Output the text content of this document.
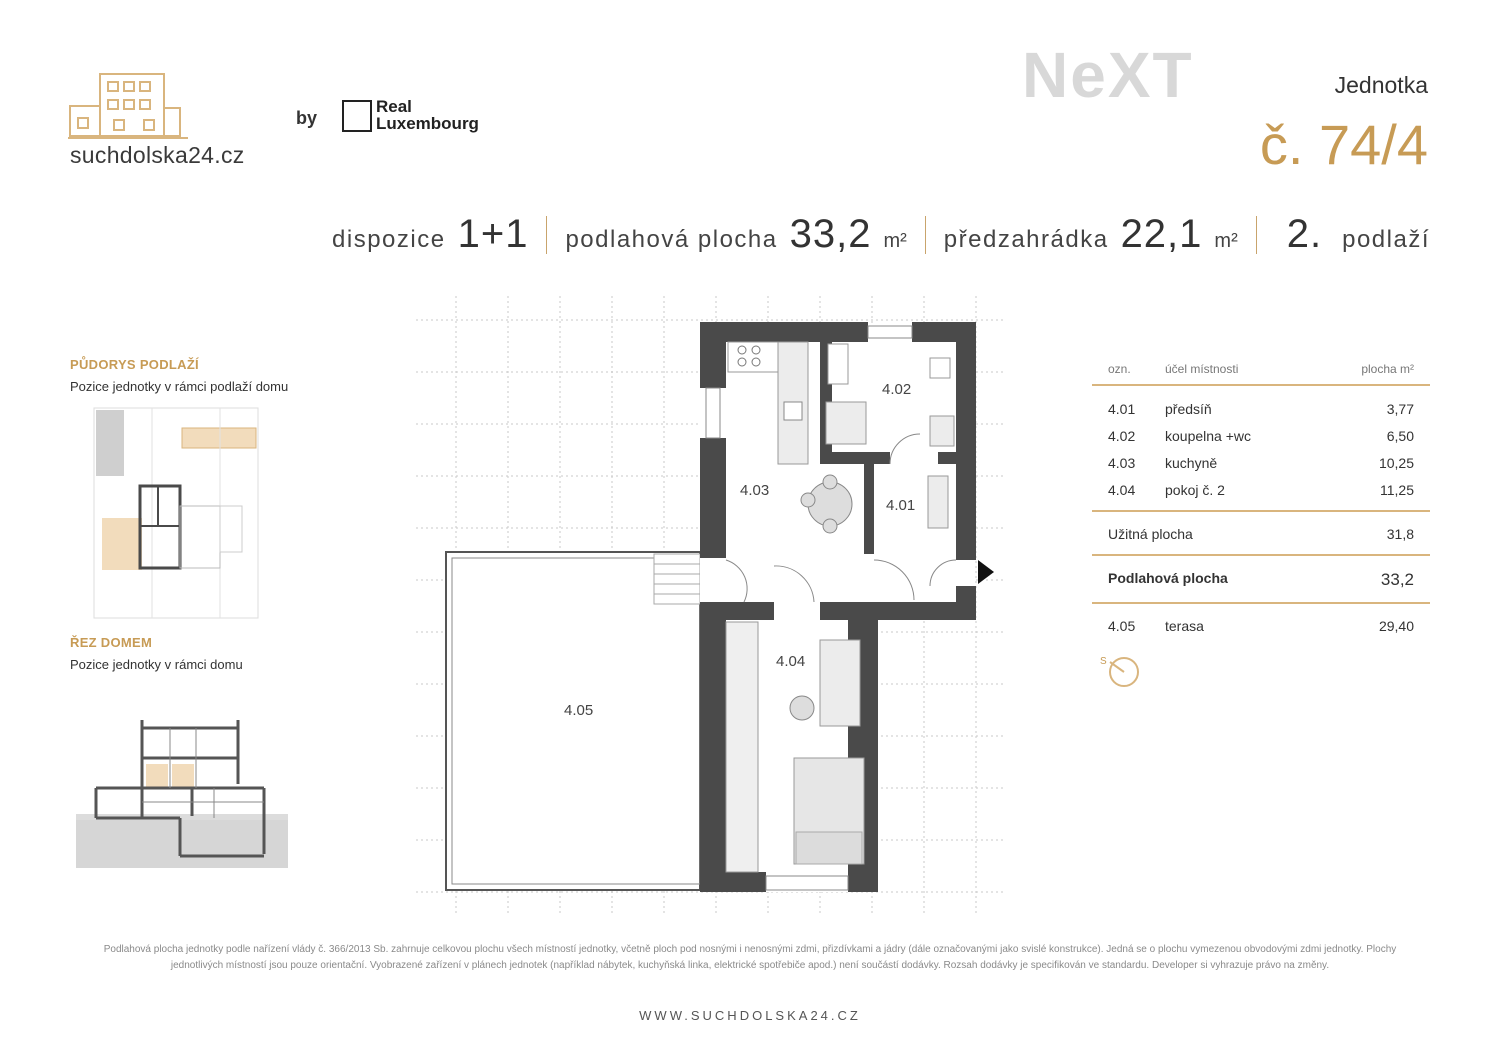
suchdolska24.cz
by
Real
Luxembourg
NeXT	Jednotka
č. 74/4
dispozice 1+1 podlahová plocha 33,2 m² předzahrádka 22,1 m² 2. podlaží
PŮDORYS PODLAŽÍ
Pozice jednotky v rámci podlaží domu
ŘEZ DOMEM
Pozice jednotky v rámci domu
4.02
4.03
4.01
4.04
4.05
ozn.	účel místnosti	plocha m²
4.01	předsíň	3,77
4.02	koupelna +wc	6,50
4.03	kuchyně	10,25
4.04	pokoj č. 2	11,25
Užitná plocha	31,8
Podlahová plocha	33,2
4.05	terasa	29,40
S
Podlahová plocha jednotky podle nařízení vlády č. 366/2013 Sb. zahrnuje celkovou plochu všech místností jednotky, včetně ploch pod nosnými i nenosnými zdmi, přizdívkami a jádry (dále označovanými jako svislé konstrukce). Jedná se o plochu vymezenou obvodovými zdmi jednotky. Plochy jednotlivých místností jsou pouze orientační. Vyobrazené zařízení v plánech jednotek (například nábytek, kuchyňská linka, elektrické spotřebiče apod.) není součástí dodávky. Rozsah dodávky je specifikován ve standardu. Developer si vyhrazuje právo na změny.
WWW.SUCHDOLSKA24.CZ
